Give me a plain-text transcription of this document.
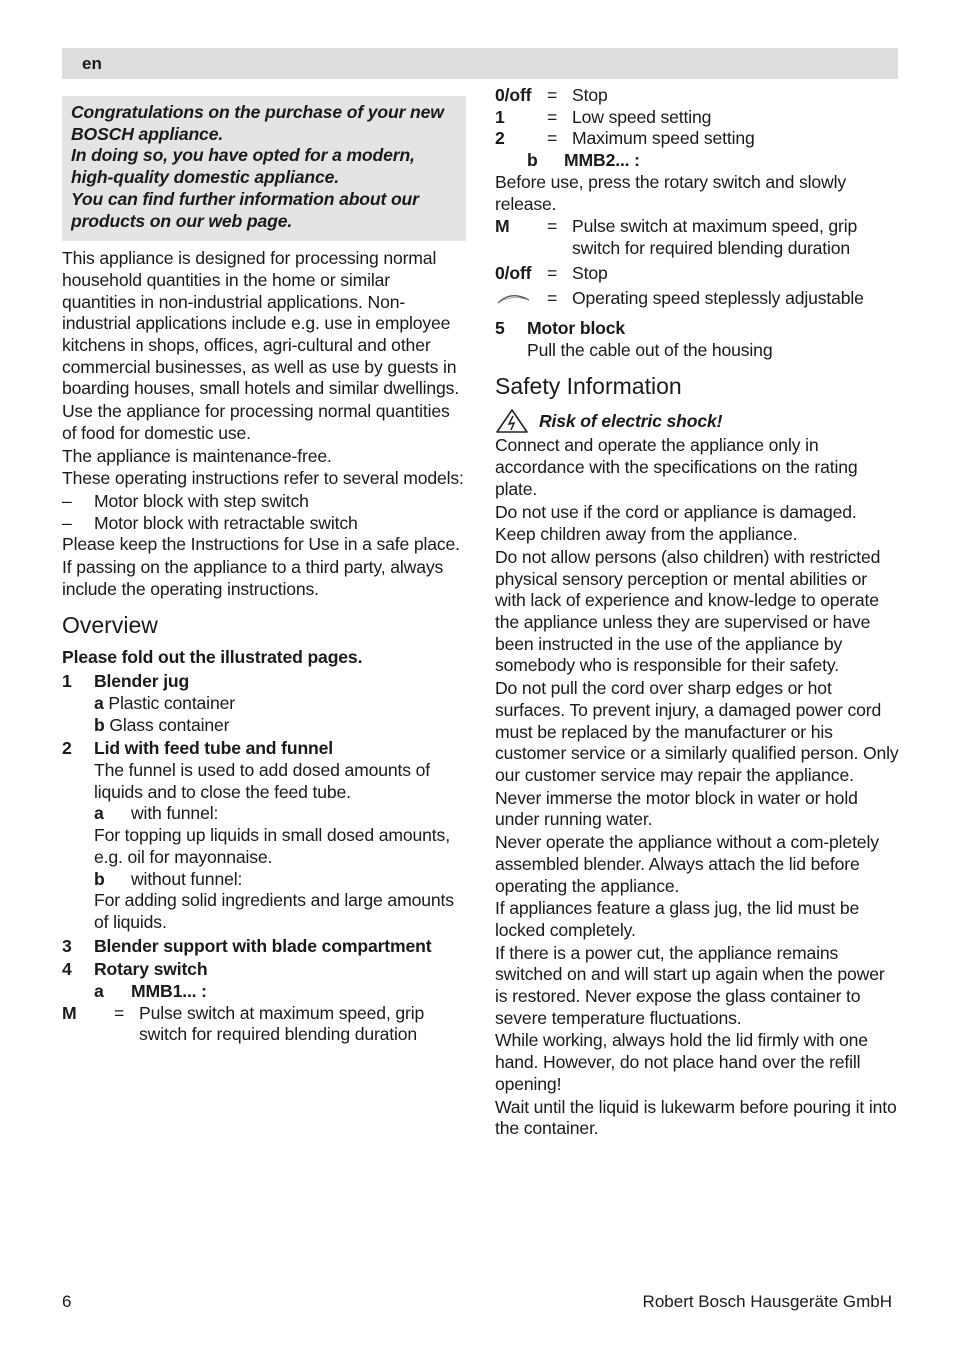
en
Congratulations on the purchase of your new BOSCH appliance.
In doing so, you have opted for a modern, high-quality domestic appliance.
You can find further information about our products on our web page.
This appliance is designed for processing normal household quantities in the home or similar quantities in non-industrial applications. Non-industrial applications include e.g. use in employee kitchens in shops, offices, agri-cultural and other commercial businesses, as well as use by guests in boarding houses, small hotels and similar dwellings.
Use the appliance for processing normal quantities of food for domestic use.
The appliance is maintenance-free.
These operating instructions refer to several models:
–	Motor block with step switch
–	Motor block with retractable switch
Please keep the Instructions for Use in a safe place.
If passing on the appliance to a third party, always include the operating instructions.
Overview
Please fold out the illustrated pages.
1	Blender jug
a Plastic container
b Glass container
2	Lid with feed tube and funnel
The funnel is used to add dosed amounts of liquids and to close the feed tube.
a	with funnel:
For topping up liquids in small dosed amounts, e.g. oil for mayonnaise.
b	without funnel:
For adding solid ingredients and large amounts of liquids.
3	Blender support with blade compartment
4	Rotary switch
a	MMB1... :
M	= Pulse switch at maximum speed, grip switch for required blending duration
0/off = Stop
1	= Low speed setting
2	= Maximum speed setting
b	MMB2... :
Before use, press the rotary switch and slowly release.
M	= Pulse switch at maximum speed, grip switch for required blending duration
0/off = Stop
= Operating speed steplessly adjustable
5	Motor block
Pull the cable out of the housing
Safety Information
Risk of electric shock!
Connect and operate the appliance only in accordance with the specifications on the rating plate.
Do not use if the cord or appliance is damaged.
Keep children away from the appliance.
Do not allow persons (also children) with restricted physical sensory perception or mental abilities or with lack of experience and know-ledge to operate the appliance unless they are supervised or have been instructed in the use of the appliance by somebody who is responsible for their safety.
Do not pull the cord over sharp edges or hot surfaces. To prevent injury, a damaged power cord must be replaced by the manufacturer or his customer service or a similarly qualified person. Only our customer service may repair the appliance.
Never immerse the motor block in water or hold under running water.
Never operate the appliance without a com-pletely assembled blender. Always attach the lid before operating the appliance.
If appliances feature a glass jug, the lid must be locked completely.
If there is a power cut, the appliance remains switched on and will start up again when the power is restored. Never expose the glass container to severe temperature fluctuations.
While working, always hold the lid firmly with one hand. However, do not place hand over the refill opening!
Wait until the liquid is lukewarm before pouring it into the container.
6	Robert Bosch Hausgeräte GmbH
